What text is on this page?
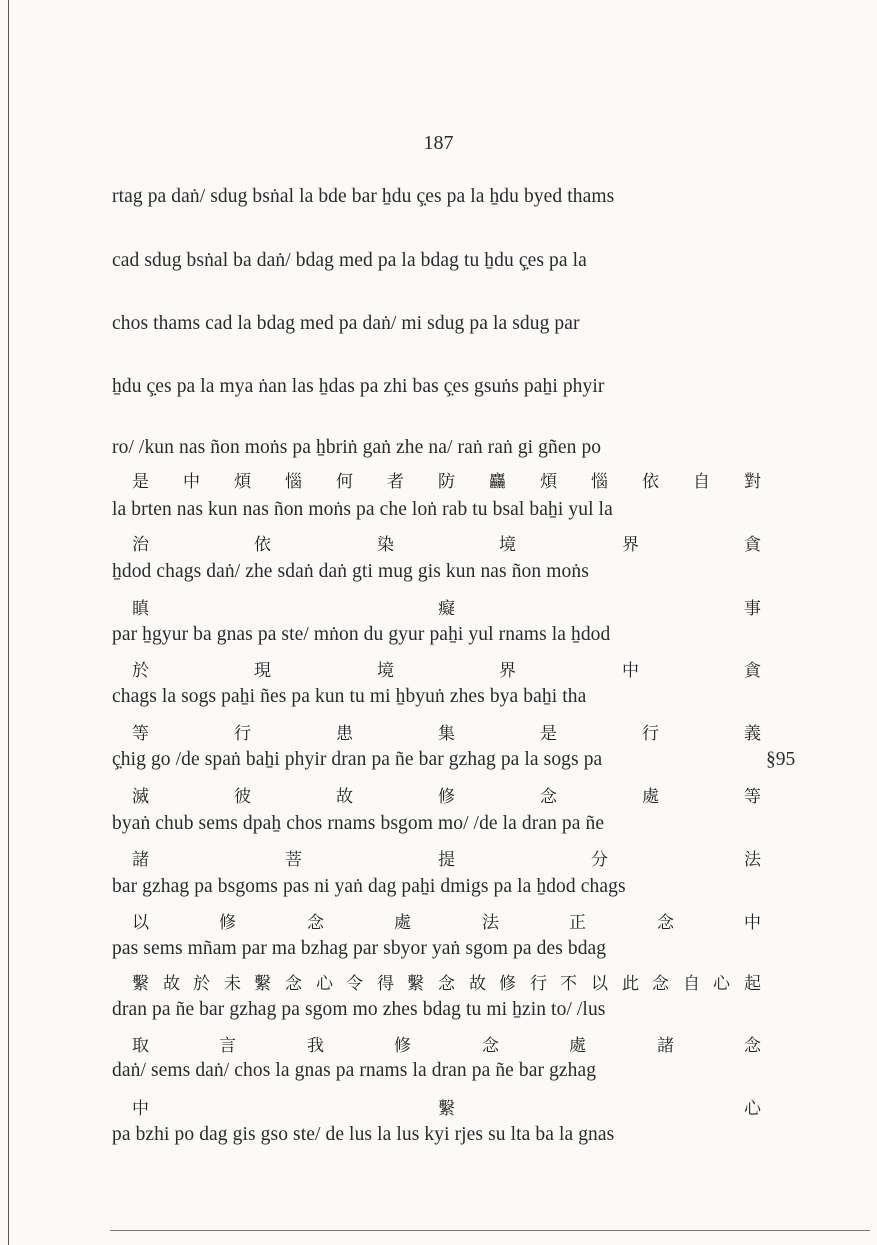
187
rtag pa daṅ/ sdug bsṅal la bde bar ẖdu ç̣es pa la ẖdu byed thams
cad sdug bsṅal ba daṅ/ bdag med pa la bdag tu ẖdu ç̣es pa la
chos thams cad la bdag med pa daṅ/ mi sdug pa la sdug par
ẖdu ç̣es pa la mya ṅan las ẖdas pa zhi bas ç̣es gsuṅs paẖi phyir
ro/ /kun nas ñon moṅs pa ẖbriṅ gaṅ zhe na/ raṅ raṅ gi gñen po
是 中 煩 惱 何 者 防 麤 煩 惱 依 自 對
la brten nas kun nas ñon moṅs pa che loṅ rab tu bsal baẖi yul la
治	依	染	境	界	貪
ẖdod chags daṅ/ zhe sdaṅ daṅ gti mug gis kun nas ñon moṅs
瞋	癡	事
par ẖgyur ba gnas pa ste/ mṅon du gyur paẖi yul rnams la ẖdod
於	現	境	界	中	貪
chags la sogs paẖi ñes pa kun tu mi ẖbyuṅ zhes bya baẖi tha
等	行	患	集	是	行	義
ç̣hig go /de spaṅ baẖi phyir dran pa ñe bar gzhag pa la sogs pa	§95
滅	彼	故	修	念	處	等
byaṅ chub sems dpaẖ chos rnams bsgom mo/ /de la dran pa ñe
諸	菩	提	分	法
bar gzhag pa bsgoms pas ni yaṅ dag paẖi dmigs pa la ẖdod chags
以	修	念	處	法	正	念	中
pas sems mñam par ma bzhag par sbyor yaṅ sgom pa des bdag
繫 故 於 未 繫 念 心 令 得 繫 念 故 修 行 不 以 此 念 自 心 起
dran pa ñe bar gzhag pa sgom mo zhes bdag tu mi ẖzin to/ /lus
取	言	我	修	念	處	諸	念
daṅ/ sems daṅ/ chos la gnas pa rnams la dran pa ñe bar gzhag
中	繫	心
pa bzhi po dag gis gso ste/ de lus la lus kyi rjes su lta ba la gnas
